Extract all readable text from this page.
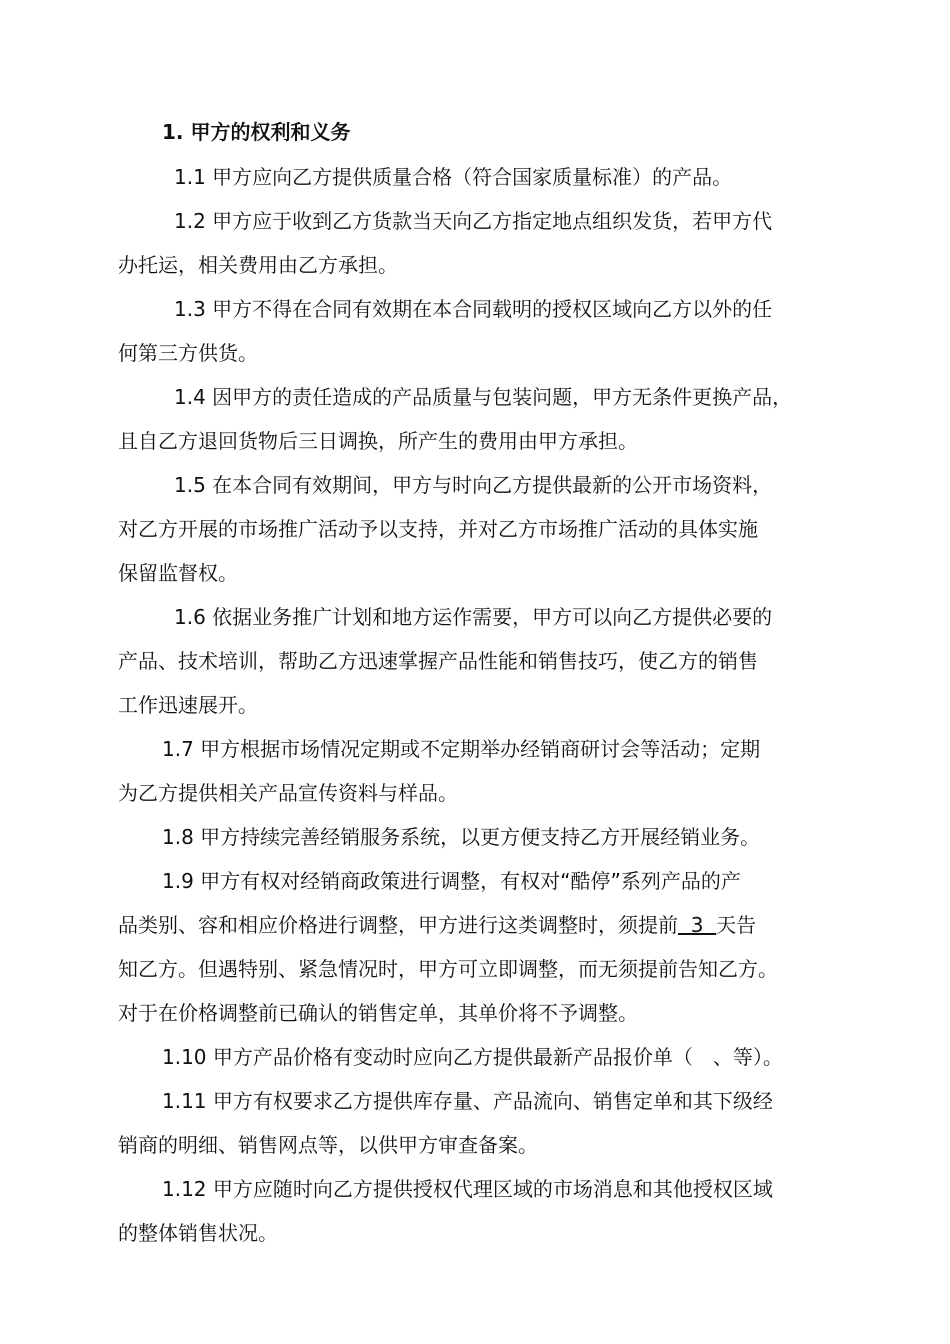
1. 甲方的权利和义务
1.1 甲方应向乙方提供质量合格（符合国家质量标准）的产品。
1.2 甲方应于收到乙方货款当天向乙方指定地点组织发货，若甲方代
办托运，相关费用由乙方承担。
1.3 甲方不得在合同有效期在本合同载明的授权区域向乙方以外的任
何第三方供货。
1.4 因甲方的责任造成的产品质量与包装问题，甲方无条件更换产品，
且自乙方退回货物后三日调换，所产生的费用由甲方承担。
1.5 在本合同有效期间，甲方与时向乙方提供最新的公开市场资料，
对乙方开展的市场推广活动予以支持，并对乙方市场推广活动的具体实施
保留监督权。
1.6 依据业务推广计划和地方运作需要，甲方可以向乙方提供必要的
产品、技术培训，帮助乙方迅速掌握产品性能和销售技巧，使乙方的销售
工作迅速展开。
1.7 甲方根据市场情况定期或不定期举办经销商研讨会等活动；定期
为乙方提供相关产品宣传资料与样品。
1.8 甲方持续完善经销服务系统，以更方便支持乙方开展经销业务。
1.9 甲方有权对经销商政策进行调整，有权对“酷停”系列产品的产
品类别、容和相应价格进行调整，甲方进行这类调整时，须提前  3  天告
知乙方。但遇特别、紧急情况时，甲方可立即调整，而无须提前告知乙方。
对于在价格调整前已确认的销售定单，其单价将不予调整。
1.10 甲方产品价格有变动时应向乙方提供最新产品报价单（　、等）。
1.11 甲方有权要求乙方提供库存量、产品流向、销售定单和其下级经
销商的明细、销售网点等，以供甲方审查备案。
1.12 甲方应随时向乙方提供授权代理区域的市场消息和其他授权区域
的整体销售状况。
